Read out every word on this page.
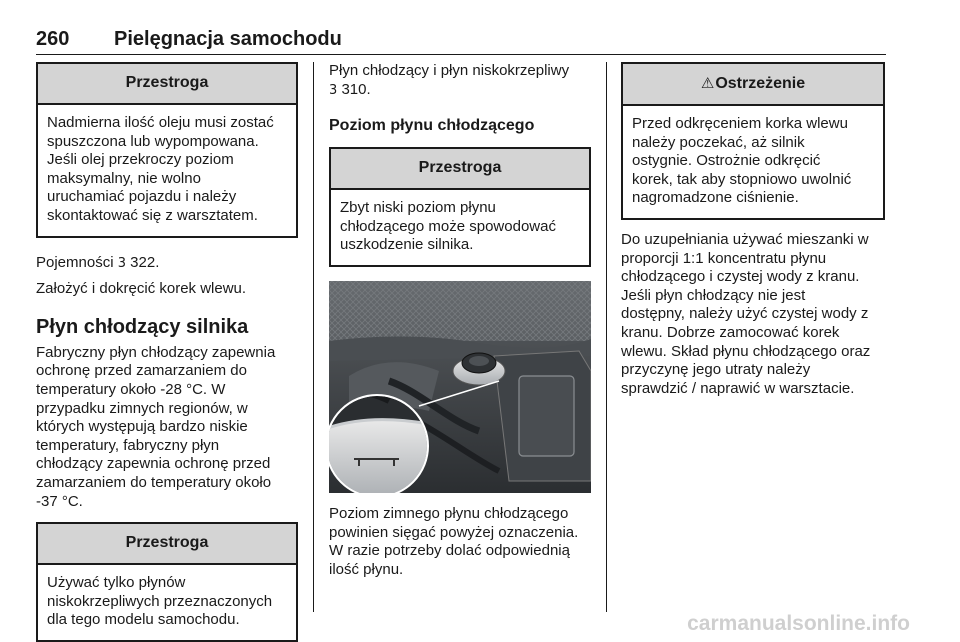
260 Pielęgnacja samochodu
Przestroga
Nadmierna ilość oleju musi zostać
spuszczona lub wypompowana.
Jeśli olej przekroczy poziom
maksymalny, nie wolno
uruchamiać pojazdu i należy
skontaktować się z warsztatem.

Pojemności 3 322.

Założyć i dokręcić korek wlewu.

Płyn chłodzący silnika

Fabryczny płyn chłodzący zapewnia

ochronę przed zamarzaniem do

temperatury około -28 °C. W

przypadku zimnych regionów, w

których występują bardzo niskie

temperatury, fabryczny płyn

chłodzący zapewnia ochronę przed

zamarzaniem do temperatury około

-37 °C.

Przestroga
Używać tylko płynów
niskokrzepliwych przeznaczonych
dla tego modelu samochodu.

Płyn chłodzący i płyn niskokrzepliwy

3 310.

Poziom płynu chłodzącego
Przestroga
Zbyt niski poziom płynu
chłodzącego może spowodować
uszkodzenie silnika.

Poziom zimnego płynu chłodzącego

powinien sięgać powyżej oznaczenia.

W razie potrzeby dolać odpowiednią

ilość płynu.

⚠Ostrzeżenie
Przed odkręceniem korka wlewu
należy poczekać, aż silnik
ostygnie. Ostrożnie odkręcić
korek, tak aby stopniowo uwolnić
nagromadzone ciśnienie.

Do uzupełniania używać mieszanki w

proporcji 1:1 koncentratu płynu

chłodzącego i czystej wody z kranu.

Jeśli płyn chłodzący nie jest

dostępny, należy użyć czystej wody z

kranu. Dobrze zamocować korek

wlewu. Skład płynu chłodzącego oraz

przyczynę jego utraty należy

sprawdzić / naprawić w warsztacie.

carmanualsonline.info
